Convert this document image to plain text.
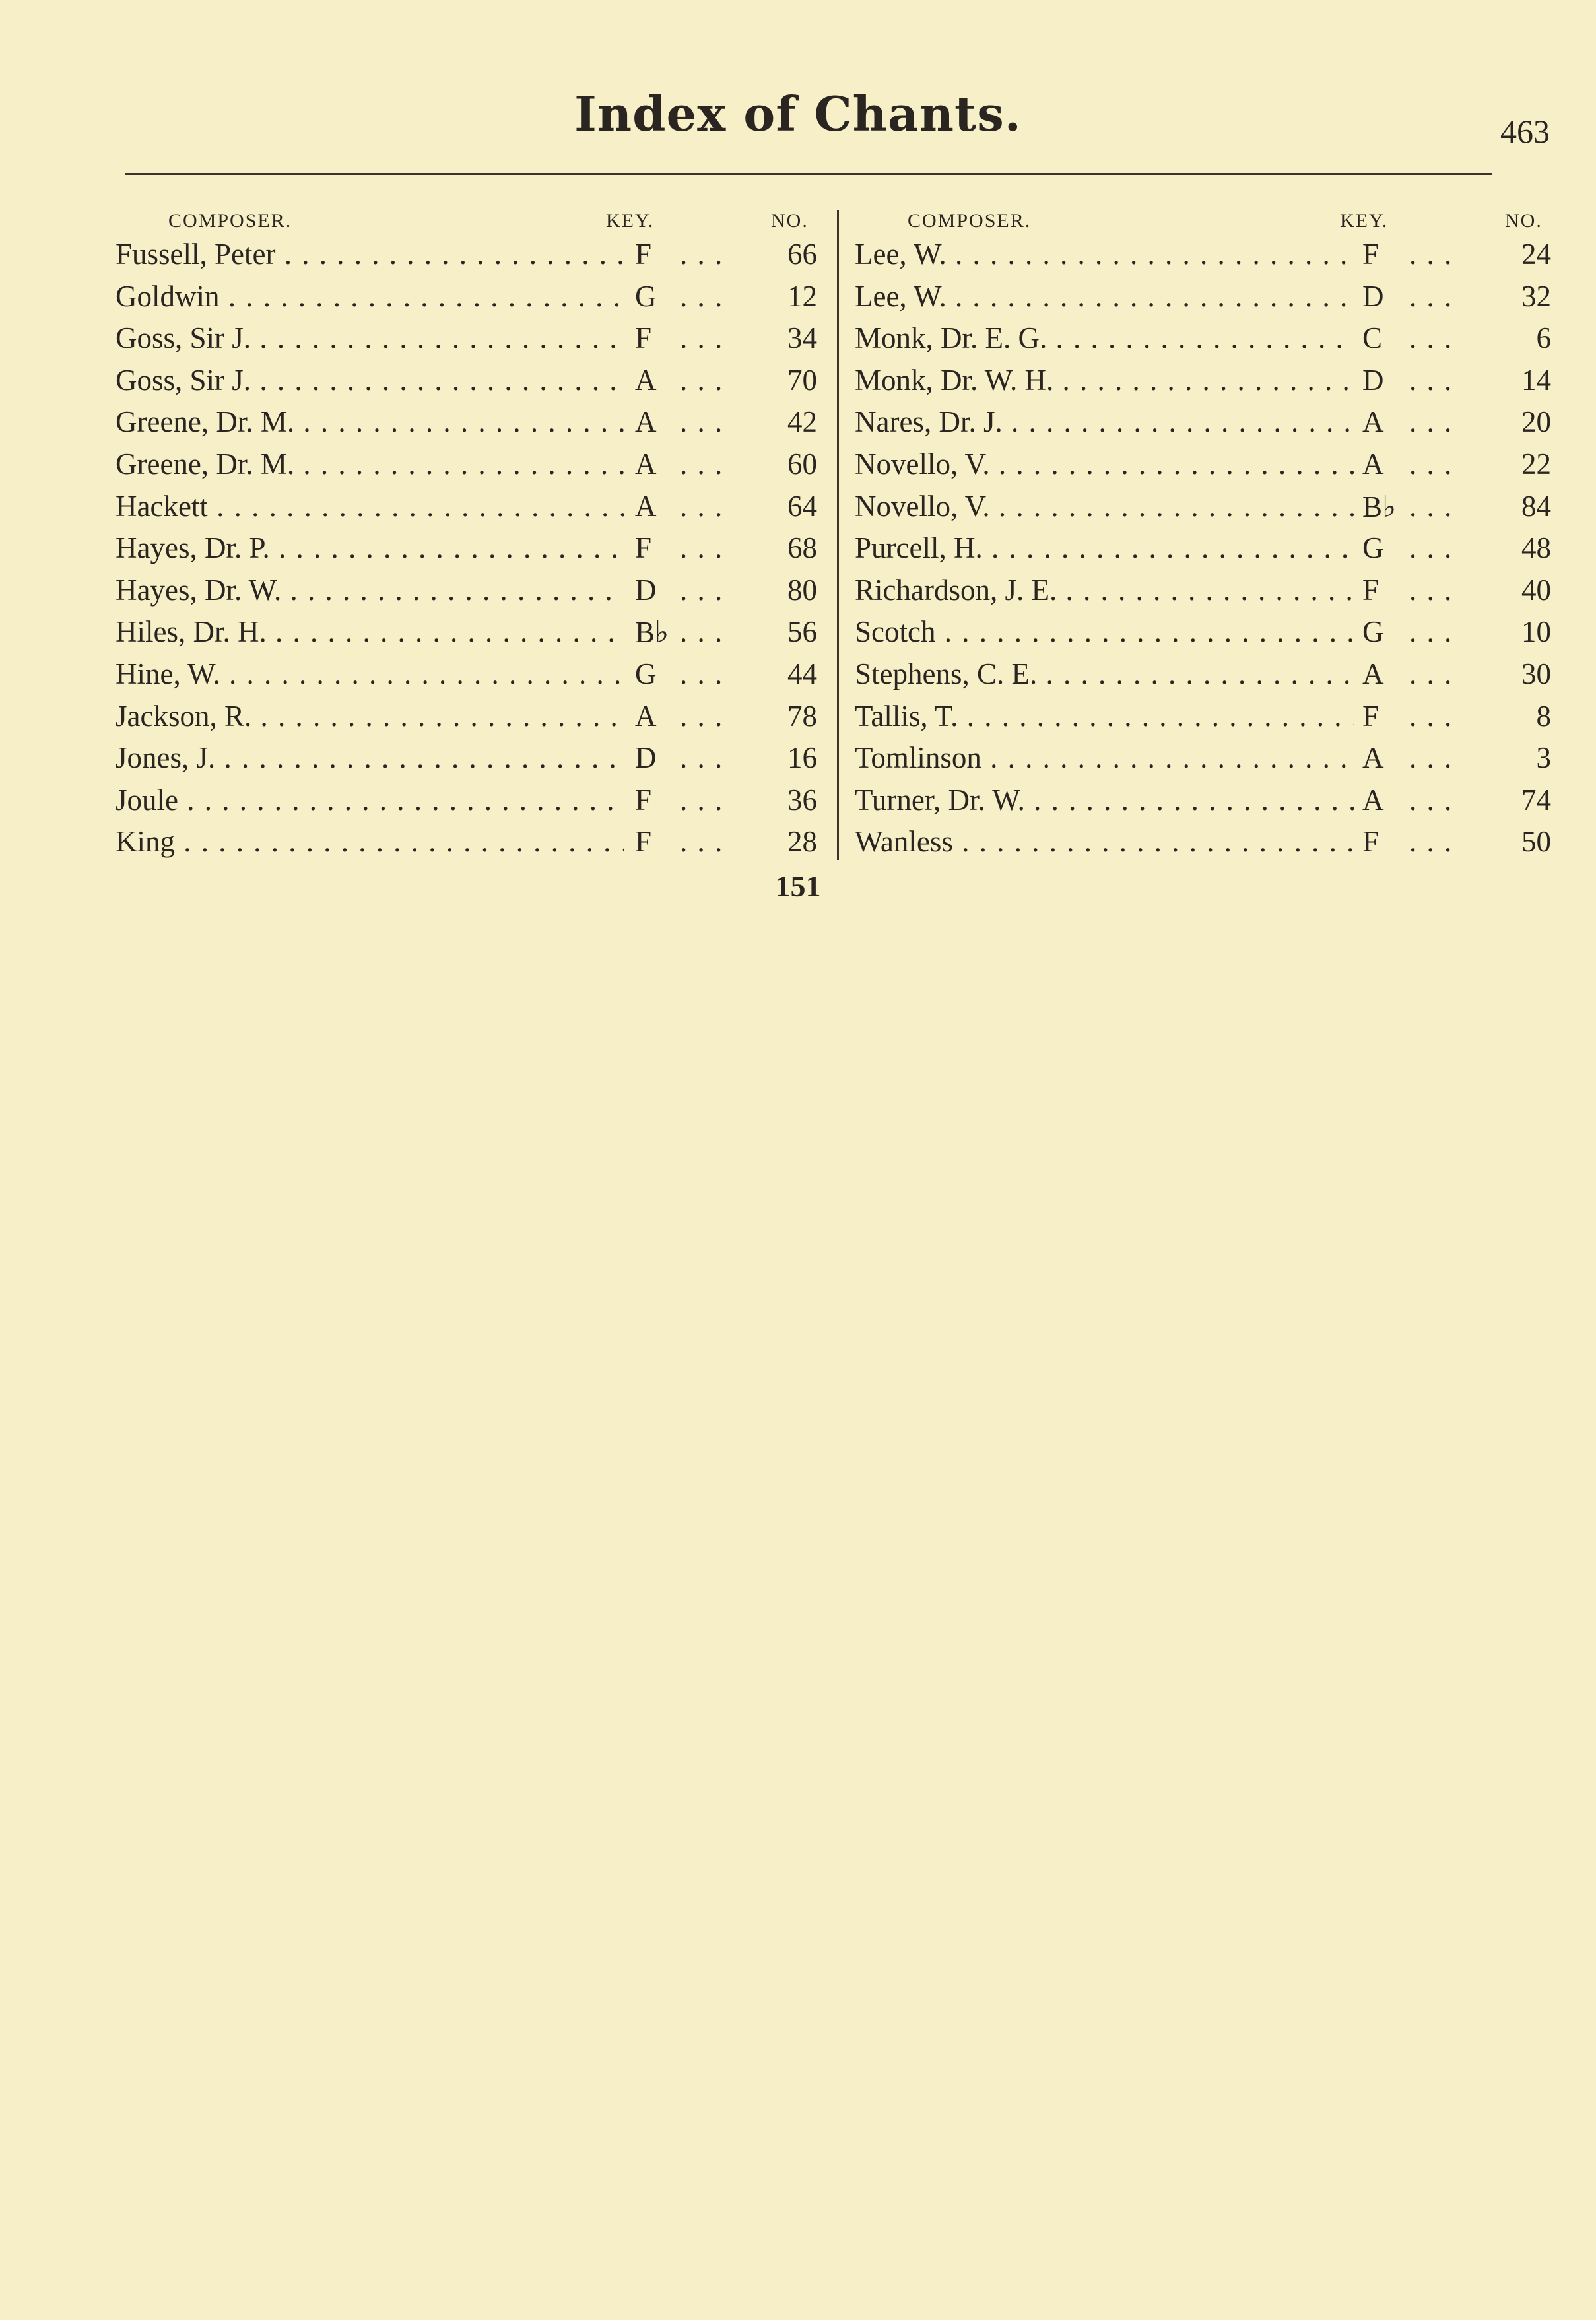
Index of Chants.	463
COMPOSER.	KEY.	NO.
Fussell, Peter . . .	F . . . 66
Goldwin . . .	G . . . 12
Goss, Sir J. . . .	F . . . 34
Goss, Sir J. . . .	A . . . 70
Greene, Dr. M. . . .	A . . . 42
Greene, Dr. M. . . .	A . . . 60
Hackett . . .	A . . . 64
Hayes, Dr. P. . . .	F . . . 68
Hayes, Dr. W. . . .	D . . . 80
Hiles, Dr. H. . . .	B♭ . . . 56
Hine, W. . . .	G . . . 44
Jackson, R. . . .	A . . . 78
Jones, J. . . .	D . . . 16
Joule . . .	F . . . 36
King . . .	F . . . 28
COMPOSER.	KEY.	NO.
Lee, W. . . .	F	. . . 24
Lee, W. . . .	D . . . 32
Monk, Dr. E. G. . . .	C . . .	6
Monk, Dr. W. H. . . .	D . . . 14
Nares, Dr. J. . . .	A . . . 20
Novello, V. . . .	A . . . 22
Novello, V. . . .	B♭ . . . 84
Purcell, H. . . .	G . . . 48
Richardson, J. E. . . .	F	. . . 40
Scotch . . .	G . . . 10
Stephens, C. E. . . .	A . . . 30
Tallis, T. . . .	F	. . .	8
Tomlinson . . .	A . . .	3
Turner, Dr. W. . . .	A . . . 74
Wanless . . .	F	. . . 50
151
